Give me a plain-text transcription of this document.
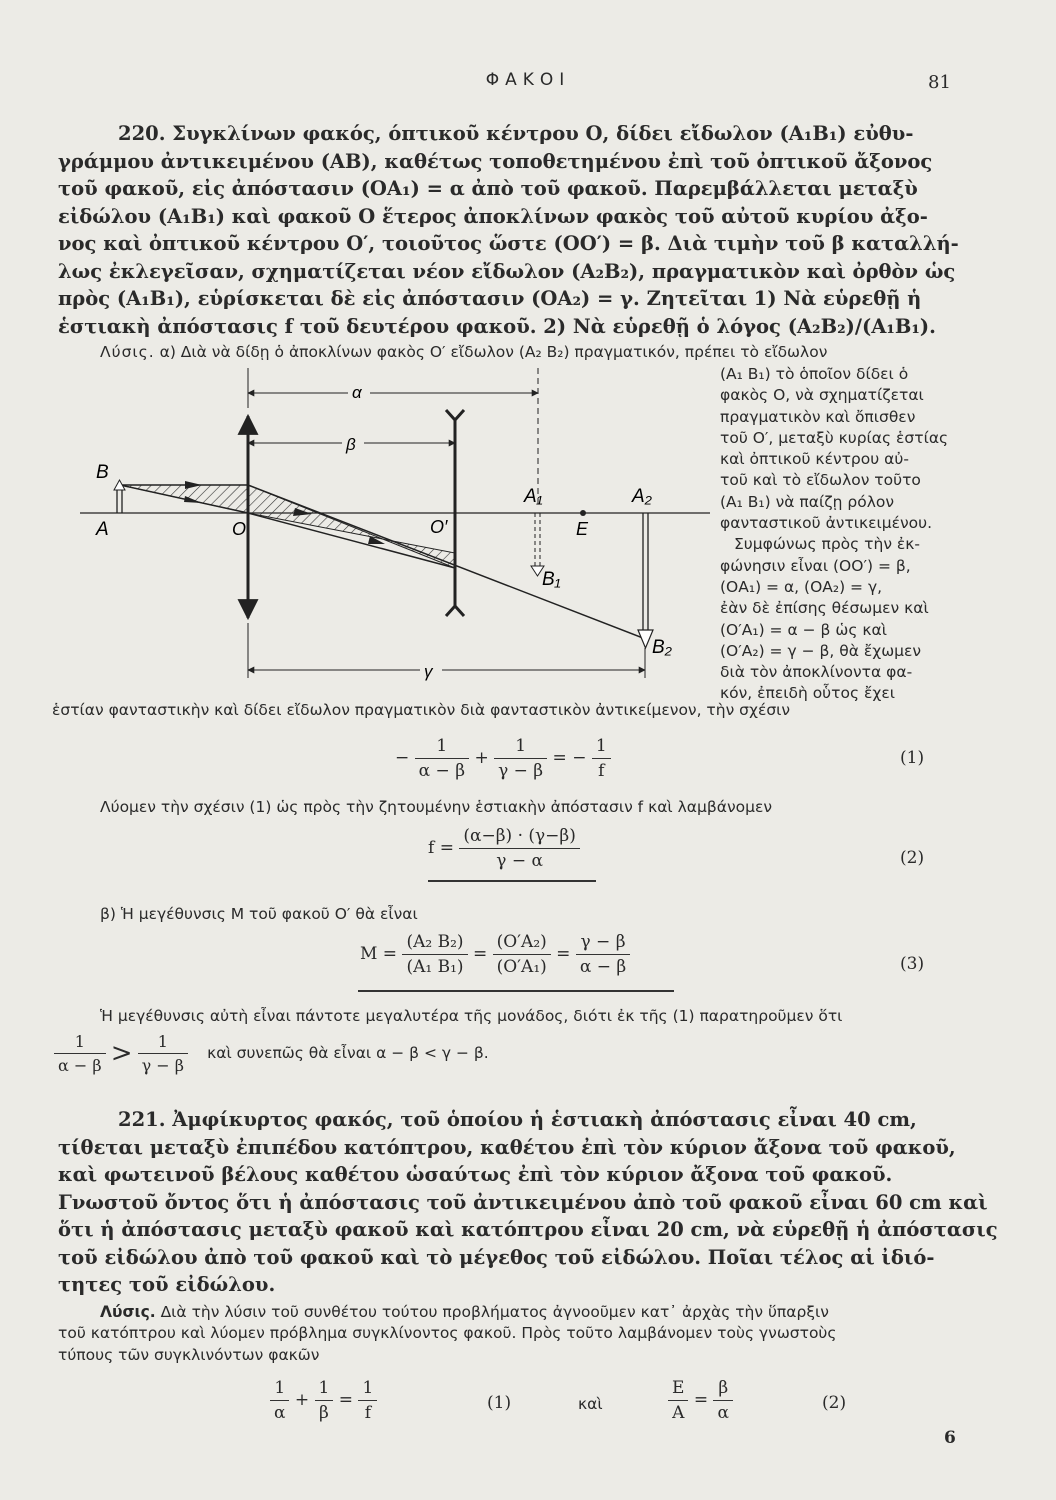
ΦΑΚΟΙ	81
220. Συγκλίνων φακός, όπτικοῦ κέντρου Ο, δίδει εἴδωλον (A₁B₁) εὐθυ-
γράμμου ἀντικειμένου (ΑΒ), καθέτως τοποθετημένου ἐπὶ τοῦ ὀπτικοῦ ἄξονος
τοῦ φακοῦ, εἰς ἀπόστασιν (ΟΑ₁) = α ἀπὸ τοῦ φακοῦ. Παρεμβάλλεται μεταξὺ
εἰδώλου (A₁B₁) καὶ φακοῦ Ο ἕτερος ἀποκλίνων φακὸς τοῦ αὐτοῦ κυρίου ἀξο-
νος καὶ ὀπτικοῦ κέντρου Ο′, τοιοῦτος ὥστε (ΟΟ′) = β. Διὰ τιμὴν τοῦ β καταλλή-
λως ἐκλεγεῖσαν, σχηματίζεται νέον εἴδωλον (A₂B₂), πραγματικὸν καὶ ὀρθὸν ὡς
πρὸς (A₁B₁), εὑρίσκεται δὲ εἰς ἀπόστασιν (ΟΑ₂) = γ. Ζητεῖται 1) Νὰ εὑρεθῇ ἡ
ἑστιακὴ ἀπόστασις f τοῦ δευτέρου φακοῦ. 2) Νὰ εὑρεθῇ ὁ λόγος (A₂B₂)/(A₁B₁).
Λύσις. α) Διὰ νὰ δίδῃ ὁ ἀποκλίνων φακὸς Ο′ εἴδωλον (A₂ B₂) πραγματικόν, πρέπει τὸ εἴδωλον
(A₁ B₁) τὸ ὁποῖον δίδει ὁ
φακὸς Ο, νὰ σχηματίζεται
πραγματικὸν καὶ ὄπισθεν
τοῦ Ο′, μεταξὺ κυρίας ἑστίας
καὶ ὀπτικοῦ κέντρου αὐ-
τοῦ καὶ τὸ εἴδωλον τοῦτο
(A₁ B₁) νὰ παίζῃ ρόλον
φανταστικοῦ ἀντικειμένου.
Συμφώνως πρὸς τὴν ἐκ-
φώνησιν εἶναι (ΟΟ′) = β,
(ΟΑ₁) = α, (ΟΑ₂) = γ,
ἐὰν δὲ ἐπίσης θέσωμεν καὶ
(Ο′A₁) = α − β ὡς καὶ
(Ο′A₂) = γ − β, θὰ ἔχωμεν
διὰ τὸν ἀποκλίνοντα φα-
κόν, ἐπειδὴ οὗτος ἔχει
B
A	O	O′
A₁	A₂
E
B₁
B₂
α
β
γ
ἑστίαν φανταστικὴν καὶ δίδει εἴδωλον πραγματικὸν διὰ φανταστικὸν ἀντικείμενον, τὴν σχέσιν
− $\frac{1}{\alpha - \beta} + \frac{1}{\gamma - \beta}$ = − $\frac{1}{f}$	(1)
Λύομεν τὴν σχέσιν (1) ὡς πρὸς τὴν ζητουμένην ἑστιακὴν ἀπόστασιν f καὶ λαμβάνομεν
$f = \frac{(\alpha-\beta) \cdot (\gamma-\beta)}{\gamma - \alpha}$	(2)
β) Ἡ μεγέθυνσις Μ τοῦ φακοῦ Ο′ θὰ εἶναι
$M = \frac{\text{(A₂ B₂)}}{\text{(A₁ B₁)}} = \frac{\text{(Ο′A₂)}}{\text{(Ο′A₁)}} = \frac{\gamma - \beta}{\alpha - \beta}$	(3)
Ἡ μεγέθυνσις αὐτὴ εἶναι πάντοτε μεγαλυτέρα τῆς μονάδος, διότι ἐκ τῆς (1) παρατηροῦμεν ὅτι
$\frac{1}{\alpha - \beta} > \frac{1}{\gamma - \beta}$ καὶ συνεπῶς θὰ εἶναι α − β < γ − β.
221. Ἀμφίκυρτος φακός, τοῦ ὁποίου ἡ ἑστιακὴ ἀπόστασις εἶναι 40 cm,
τίθεται μεταξὺ ἐπιπέδου κατόπτρου, καθέτου ἐπὶ τὸν κύριον ἄξονα τοῦ φακοῦ,
καὶ φωτεινοῦ βέλους καθέτου ὡσαύτως ἐπὶ τὸν κύριον ἄξονα τοῦ φακοῦ.
Γνωστοῦ ὄντος ὅτι ἡ ἀπόστασις τοῦ ἀντικειμένου ἀπὸ τοῦ φακοῦ εἶναι 60 cm καὶ
ὅτι ἡ ἀπόστασις μεταξὺ φακοῦ καὶ κατόπτρου εἶναι 20 cm, νὰ εὑρεθῇ ἡ ἀπόστασις
τοῦ εἰδώλου ἀπὸ τοῦ φακοῦ καὶ τὸ μέγεθος τοῦ εἰδώλου. Ποῖαι τέλος αἱ ἰδιό-
τητες τοῦ εἰδώλου.
Λύσις. Διὰ τὴν λύσιν τοῦ συνθέτου τούτου προβλήματος ἀγνοοῦμεν κατ᾽ ἀρχὰς τὴν ὕπαρξιν
τοῦ κατόπτρου καὶ λύομεν πρόβλημα συγκλίνοντος φακοῦ. Πρὸς τοῦτο λαμβάνομεν τοὺς γνωστοὺς
τύπους τῶν συγκλινόντων φακῶν
$\frac{1}{\alpha} + \frac{1}{\beta} = \frac{1}{f}$	(1)	καὶ	$\frac{E}{A} = \frac{\beta}{\alpha}$	(2)
6
